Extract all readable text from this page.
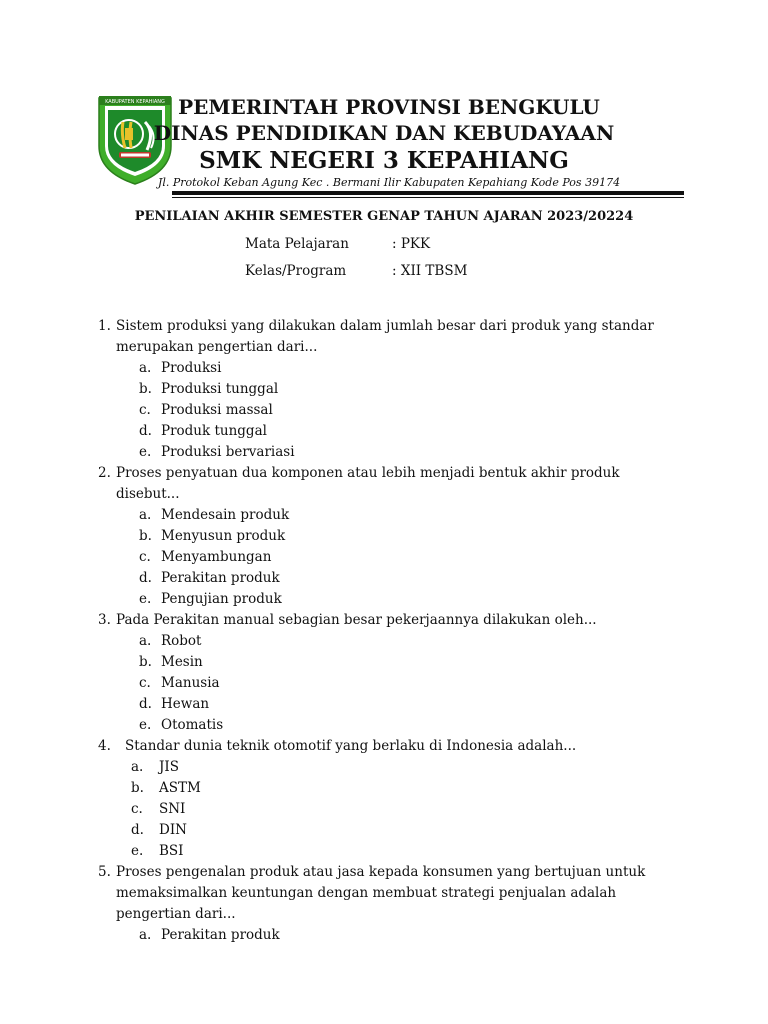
KABUPATEN KEPAHIANG PEMERINTAH PROVINSI BENGKULU
DINAS PENDIDIKAN DAN KEBUDAYAAN
SMK NEGERI 3 KEPAHIANG
Jl. Protokol Keban Agung Kec . Bermani Ilir Kabupaten Kepahiang Kode Pos 39174
PENILAIAN AKHIR SEMESTER GENAP TAHUN AJARAN 2023/20224
Mata Pelajaran	: PKK
Kelas/Program	: XII TBSM
1. Sistem produksi yang dilakukan dalam jumlah besar dari produk yang standar merupakan pengertian dari...
a. Produksi
b. Produksi tunggal
c. Produksi massal
d. Produk tunggal
e. Produksi bervariasi
2. Proses penyatuan dua komponen atau lebih menjadi bentuk akhir produk disebut...
a. Mendesain produk
b. Menyusun produk
c. Menyambungan
d. Perakitan produk
e. Pengujian produk
3. Pada Perakitan manual sebagian besar pekerjaannya dilakukan oleh...
a. Robot
b. Mesin
c. Manusia
d. Hewan
e. Otomatis
4. Standar dunia teknik otomotif yang berlaku di Indonesia adalah...
a. JIS
b. ASTM
c. SNI
d. DIN
e. BSI
5. Proses pengenalan produk atau jasa kepada konsumen yang bertujuan untuk memaksimalkan keuntungan dengan membuat strategi penjualan adalah pengertian dari...
a. Perakitan produk
